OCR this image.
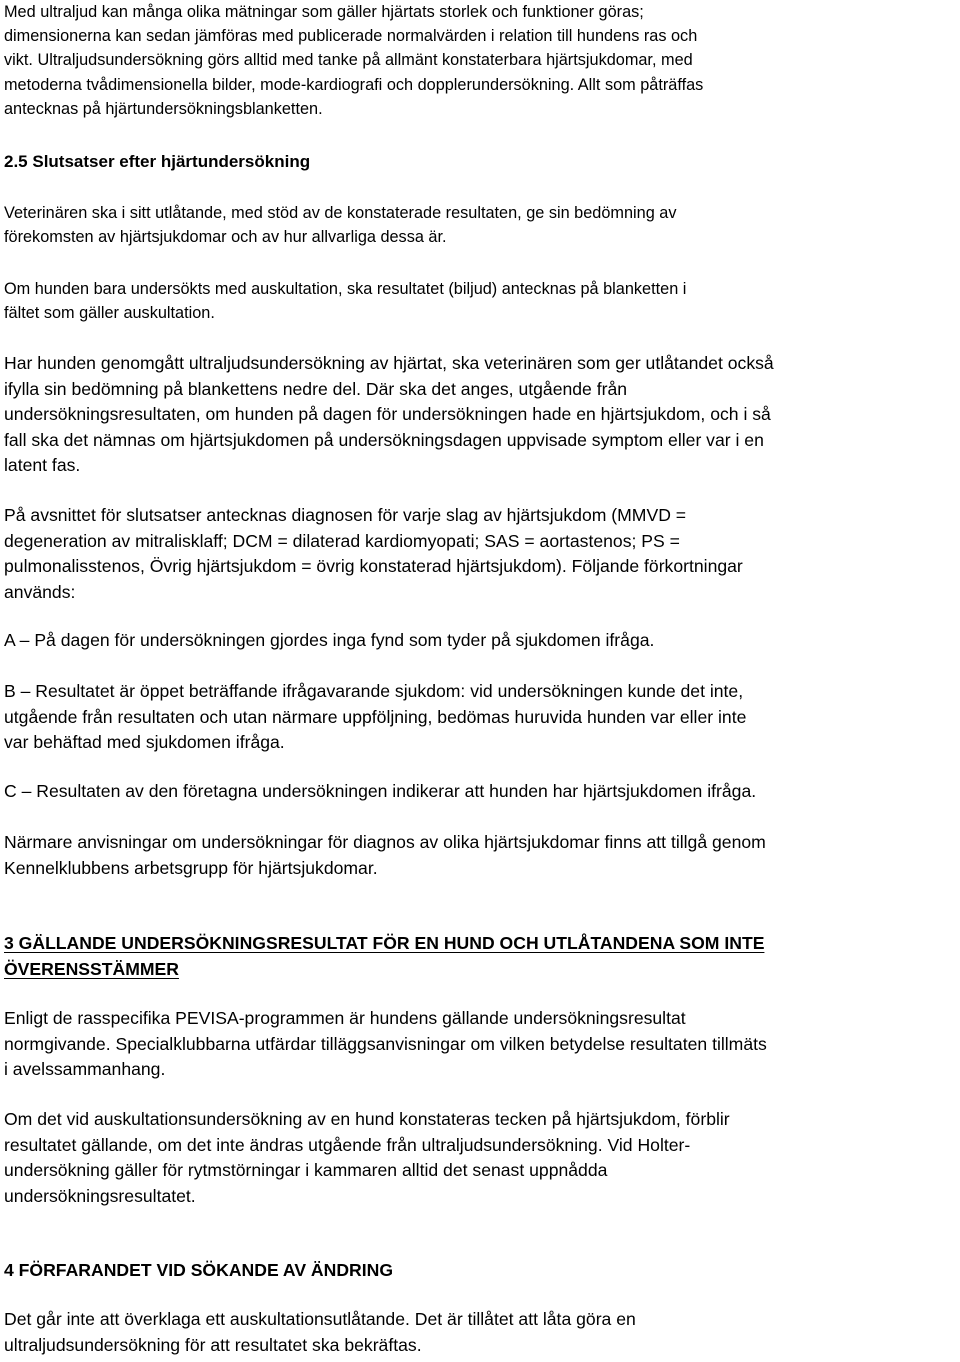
Med ultraljud kan många olika mätningar som gäller hjärtats storlek och funktioner göras;
dimensionerna kan sedan jämföras med publicerade normalvärden i relation till hundens ras och
vikt. Ultraljudsundersökning görs alltid med tanke på allmänt konstaterbara hjärtsjukdomar, med
metoderna tvådimensionella bilder, mode-kardiografi och dopplerundersökning. Allt som påträffas
antecknas på hjärtundersökningsblanketten.
2.5 Slutsatser efter hjärtundersökning
Veterinären ska i sitt utlåtande, med stöd av de konstaterade resultaten, ge sin bedömning av
förekomsten av hjärtsjukdomar och av hur allvarliga dessa är.
Om hunden bara undersökts med auskultation, ska resultatet (biljud) antecknas på blanketten i
fältet som gäller auskultation.
Har hunden genomgått ultraljudsundersökning av hjärtat, ska veterinären som ger utlåtandet också
ifylla sin bedömning på blankettens nedre del. Där ska det anges, utgående från
undersökningsresultaten, om hunden på dagen för undersökningen hade en hjärtsjukdom, och i så
fall ska det nämnas om hjärtsjukdomen på undersökningsdagen uppvisade symptom eller var i en
latent fas.
På avsnittet för slutsatser antecknas diagnosen för varje slag av hjärtsjukdom (MMVD =
degeneration av mitralisklaff; DCM = dilaterad kardiomyopati; SAS = aortastenos; PS =
pulmonalisstenos, Övrig hjärtsjukdom = övrig konstaterad hjärtsjukdom). Följande förkortningar
används:
A – På dagen för undersökningen gjordes inga fynd som tyder på sjukdomen ifråga.
B – Resultatet är öppet beträffande ifrågavarande sjukdom: vid undersökningen kunde det inte,
utgående från resultaten och utan närmare uppföljning, bedömas huruvida hunden var eller inte
var behäftad med sjukdomen ifråga.
C – Resultaten av den företagna undersökningen indikerar att hunden har hjärtsjukdomen ifråga.
Närmare anvisningar om undersökningar för diagnos av olika hjärtsjukdomar finns att tillgå genom
Kennelklubbens arbetsgrupp för hjärtsjukdomar.
3 GÄLLANDE UNDERSÖKNINGSRESULTAT FÖR EN HUND OCH UTLÅTANDENA SOM INTE
ÖVERENSSTÄMMER
Enligt de rasspecifika PEVISA-programmen är hundens gällande undersökningsresultat
normgivande. Specialklubbarna utfärdar tilläggsanvisningar om vilken betydelse resultaten tillmäts
i avelssammanhang.
Om det vid auskultationsundersökning av en hund konstateras tecken på hjärtsjukdom, förblir
resultatet gällande, om det inte ändras utgående från ultraljudsundersökning. Vid Holter-
undersökning gäller för rytmstörningar i kammaren alltid det senast uppnådda
undersökningsresultatet.
4 FÖRFARANDET VID SÖKANDE AV ÄNDRING
Det går inte att överklaga ett auskultationsutlåtande. Det är tillåtet att låta göra en
ultraljudsundersökning för att resultatet ska bekräftas.
